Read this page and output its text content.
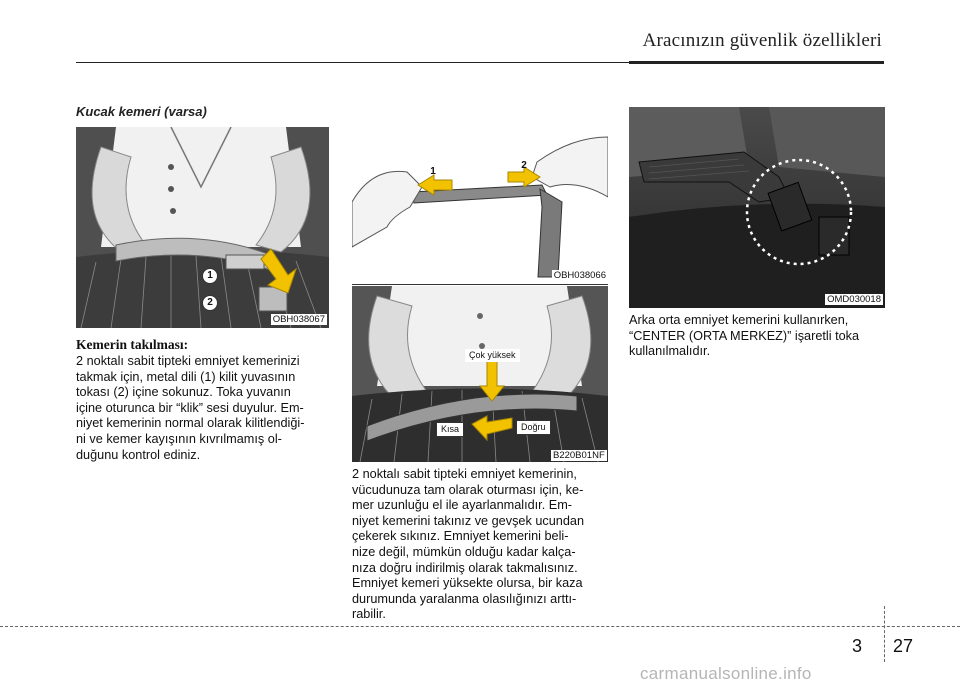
Aracınızın güvenlik özellikleri
Kucak kemeri (varsa)
1
2
OBH038067
Kemerin takılması:

2 noktalı sabit tipteki emniyet kemerinizi

takmak için, metal dili (1) kilit yuvasının

tokası (2) içine sokunuz. Toka yuvanın

içine oturunca bir “klik” sesi duyulur. Em-

niyet kemerinin normal olarak kilitlendiği-

ni ve kemer kayışının kıvrılmamış ol-

duğunu kontrol ediniz.

1
2
OBH038066
Çok yüksek
Kısa	Doğru
B220B01NF

2 noktalı sabit tipteki emniyet kemerinin,

vücudunuza tam olarak oturması için, ke-

mer uzunluğu el ile ayarlanmalıdır. Em-

niyet kemerini takınız ve gevşek ucundan

çekerek sıkınız. Emniyet kemerini beli-

nize değil, mümkün olduğu kadar kalça-

nıza doğru indirilmiş olarak takmalısınız.

Emniyet kemeri yüksekte olursa, bir kaza

durumunda yaralanma olasılığınızı arttı-

rabilir.

OMD030018

Arka orta emniyet kemerini kullanırken,

“CENTER (ORTA MERKEZ)” işaretli toka

kullanılmalıdır.

3 27
carmanualsonline.info
